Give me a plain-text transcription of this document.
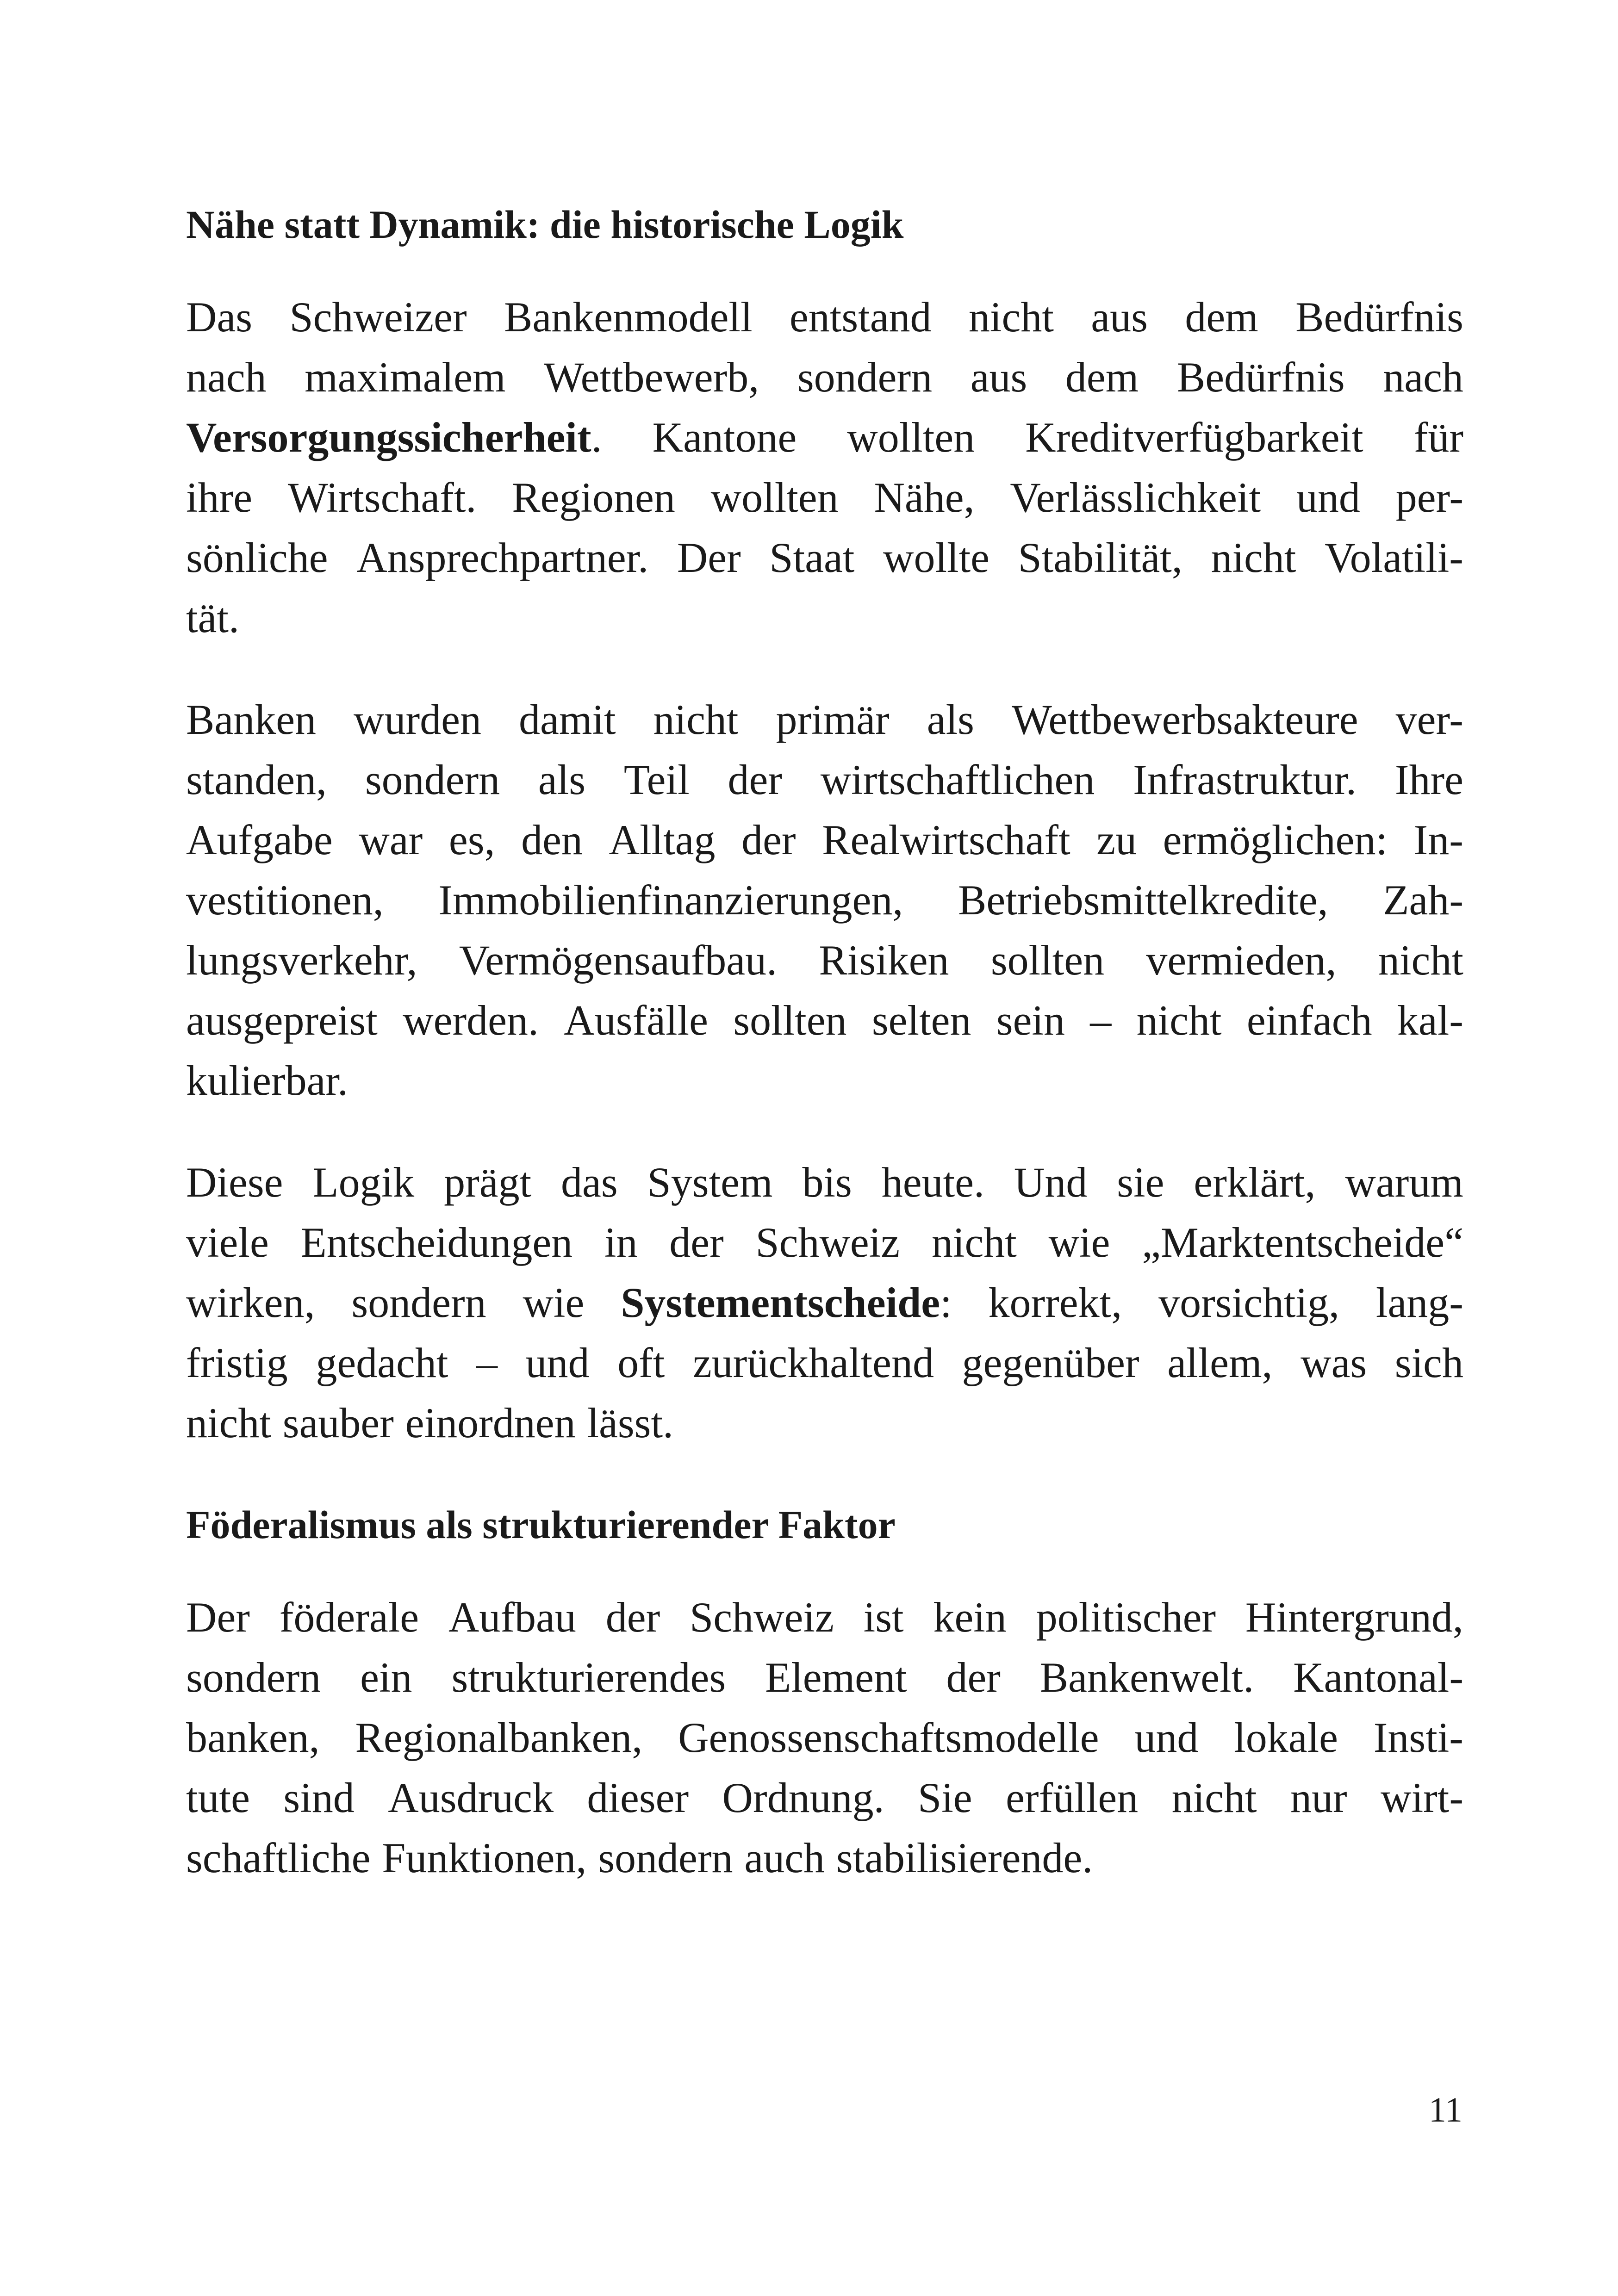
Nähe statt Dynamik: die historische Logik
Das Schweizer Bankenmodell entstand nicht aus dem Bedürfnis
nach maximalem Wettbewerb, sondern aus dem Bedürfnis nach
Versorgungssicherheit. Kantone wollten Kreditverfügbarkeit für
ihre Wirtschaft. Regionen wollten Nähe, Verlässlichkeit und per-
sönliche Ansprechpartner. Der Staat wollte Stabilität, nicht Volatili-
tät.
Banken wurden damit nicht primär als Wettbewerbsakteure ver-
standen, sondern als Teil der wirtschaftlichen Infrastruktur. Ihre
Aufgabe war es, den Alltag der Realwirtschaft zu ermöglichen: In-
vestitionen, Immobilienfinanzierungen, Betriebsmittelkredite, Zah-
lungsverkehr, Vermögensaufbau. Risiken sollten vermieden, nicht
ausgepreist werden. Ausfälle sollten selten sein – nicht einfach kal-
kulierbar.
Diese Logik prägt das System bis heute. Und sie erklärt, warum
viele Entscheidungen in der Schweiz nicht wie „Marktentscheide“
wirken, sondern wie Systementscheide: korrekt, vorsichtig, lang-
fristig gedacht – und oft zurückhaltend gegenüber allem, was sich
nicht sauber einordnen lässt.
Föderalismus als strukturierender Faktor
Der föderale Aufbau der Schweiz ist kein politischer Hintergrund,
sondern ein strukturierendes Element der Bankenwelt. Kantonal-
banken, Regionalbanken, Genossenschaftsmodelle und lokale Insti-
tute sind Ausdruck dieser Ordnung. Sie erfüllen nicht nur wirt-
schaftliche Funktionen, sondern auch stabilisierende.
11
